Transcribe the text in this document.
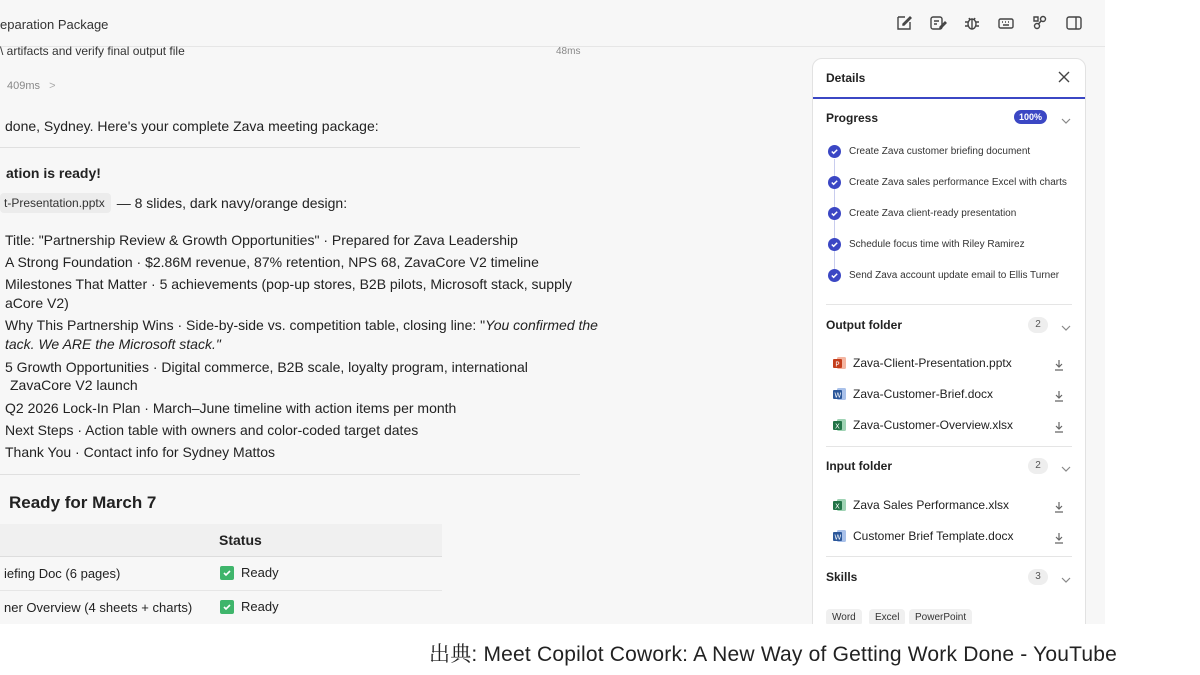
eparation Package
\ artifacts and verify final output file	48ms
409ms >
done, Sydney. Here's your complete Zava meeting package:
ation is ready!
t-Presentation.pptx — 8 slides, dark navy/orange design:
Title: "Partnership Review & Growth Opportunities" · Prepared for Zava Leadership
A Strong Foundation · $2.86M revenue, 87% retention, NPS 68, ZavaCore V2 timeline
Milestones That Matter · 5 achievements (pop-up stores, B2B pilots, Microsoft stack, supply
aCore V2)
Why This Partnership Wins · Side-by-side vs. competition table, closing line: "You confirmed the
tack. We ARE the Microsoft stack."
5 Growth Opportunities · Digital commerce, B2B scale, loyalty program, international
ZavaCore V2 launch
Q2 2026 Lock-In Plan · March–June timeline with action items per month
Next Steps · Action table with owners and color-coded target dates
Thank You · Contact info for Sydney Mattos
Ready for March 7
Status
iefing Doc (6 pages)	Ready
ner Overview (4 sheets + charts)	Ready
Details
Progress	100%
Create Zava customer briefing document
Create Zava sales performance Excel with charts
Create Zava client-ready presentation
Schedule focus time with Riley Ramirez
Send Zava account update email to Ellis Turner
Output folder	2
P Zava-Client-Presentation.pptx
W Zava-Customer-Brief.docx
X Zava-Customer-Overview.xlsx
Input folder	2
X Zava Sales Performance.xlsx
W Customer Brief Template.docx
Skills	3
Word	Excel	PowerPoint
出典: Meet Copilot Cowork: A New Way of Getting Work Done - YouTube
